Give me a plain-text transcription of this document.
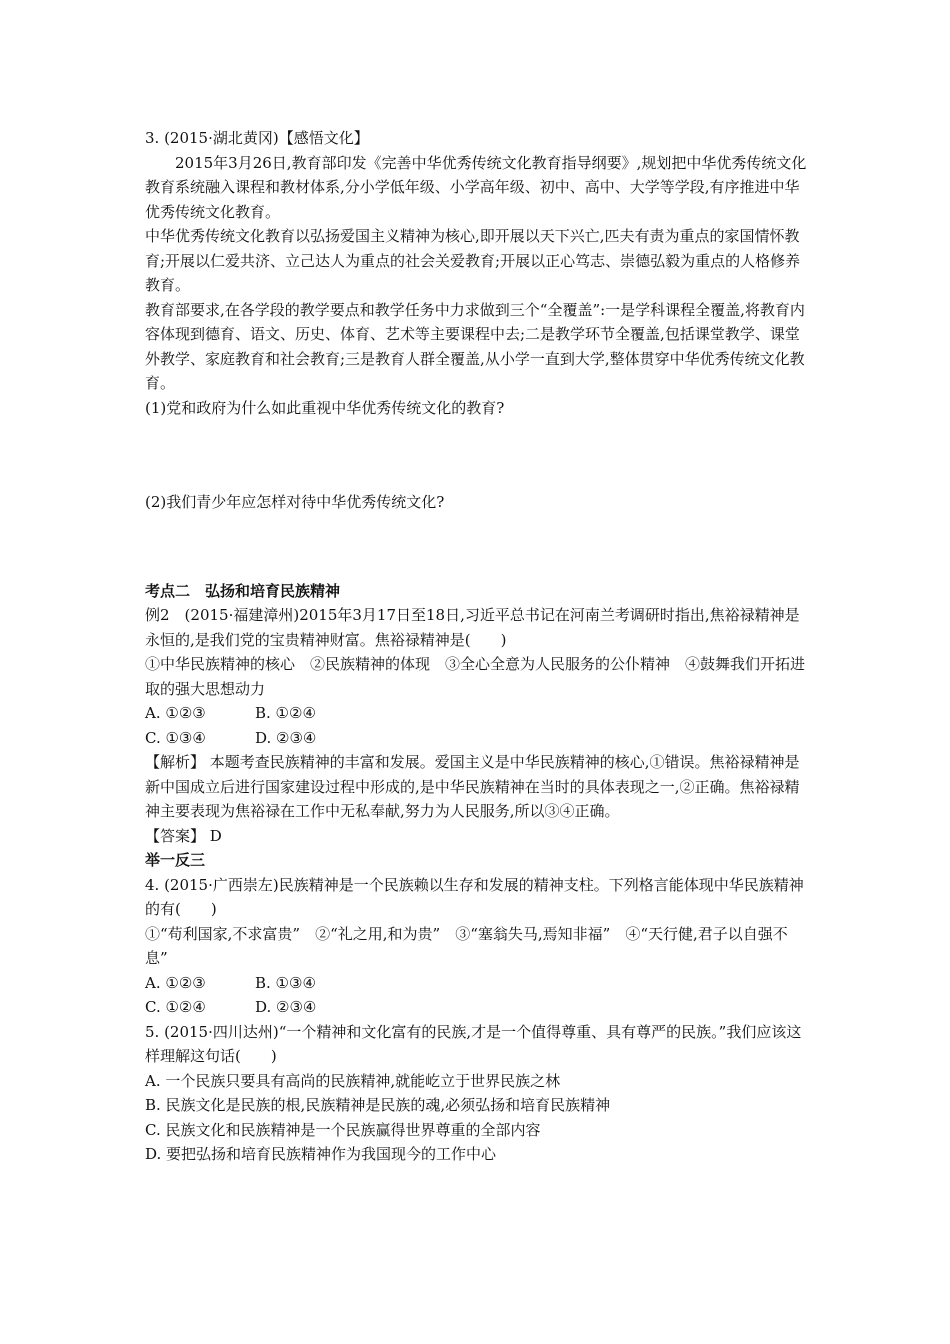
3. (2015·湖北黄冈)【感悟文化】

2015年3月26日,教育部印发《完善中华优秀传统文化教育指导纲要》,规划把中华优秀传统文化教育系统融入课程和教材体系,分小学低年级、小学高年级、初中、高中、大学等学段,有序推进中华优秀传统文化教育。

中华优秀传统文化教育以弘扬爱国主义精神为核心,即开展以天下兴亡,匹夫有责为重点的家国情怀教育;开展以仁爱共济、立己达人为重点的社会关爱教育;开展以正心笃志、崇德弘毅为重点的人格修养教育。

教育部要求,在各学段的教学要点和教学任务中力求做到三个“全覆盖”:一是学科课程全覆盖,将教育内容体现到德育、语文、历史、体育、艺术等主要课程中去;二是教学环节全覆盖,包括课堂教学、课堂外教学、家庭教育和社会教育;三是教育人群全覆盖,从小学一直到大学,整体贯穿中华优秀传统文化教育。

(1)党和政府为什么如此重视中华优秀传统文化的教育?

(2)我们青少年应怎样对待中华优秀传统文化?

考点二　弘扬和培育民族精神

例2　(2015·福建漳州)2015年3月17日至18日,习近平总书记在河南兰考调研时指出,焦裕禄精神是永恒的,是我们党的宝贵精神财富。焦裕禄精神是(　　)

①中华民族精神的核心　②民族精神的体现　③全心全意为人民服务的公仆精神　④鼓舞我们开拓进取的强大思想动力

A. ①②③	B. ①②④
C. ①③④	D. ②③④

【解析】 本题考查民族精神的丰富和发展。爱国主义是中华民族精神的核心,①错误。焦裕禄精神是新中国成立后进行国家建设过程中形成的,是中华民族精神在当时的具体表现之一,②正确。焦裕禄精神主要表现为焦裕禄在工作中无私奉献,努力为人民服务,所以③④正确。

【答案】 D

举一反三

4. (2015·广西崇左)民族精神是一个民族赖以生存和发展的精神支柱。下列格言能体现中华民族精神的有(　　)

①“苟利国家,不求富贵”　②“礼之用,和为贵”　③“塞翁失马,焉知非福”　④“天行健,君子以自强不息”

A. ①②③	B. ①③④
C. ①②④	D. ②③④

5. (2015·四川达州)“一个精神和文化富有的民族,才是一个值得尊重、具有尊严的民族。”我们应该这样理解这句话(　　)

A. 一个民族只要具有高尚的民族精神,就能屹立于世界民族之林

B. 民族文化是民族的根,民族精神是民族的魂,必须弘扬和培育民族精神

C. 民族文化和民族精神是一个民族赢得世界尊重的全部内容

D. 要把弘扬和培育民族精神作为我国现今的工作中心
